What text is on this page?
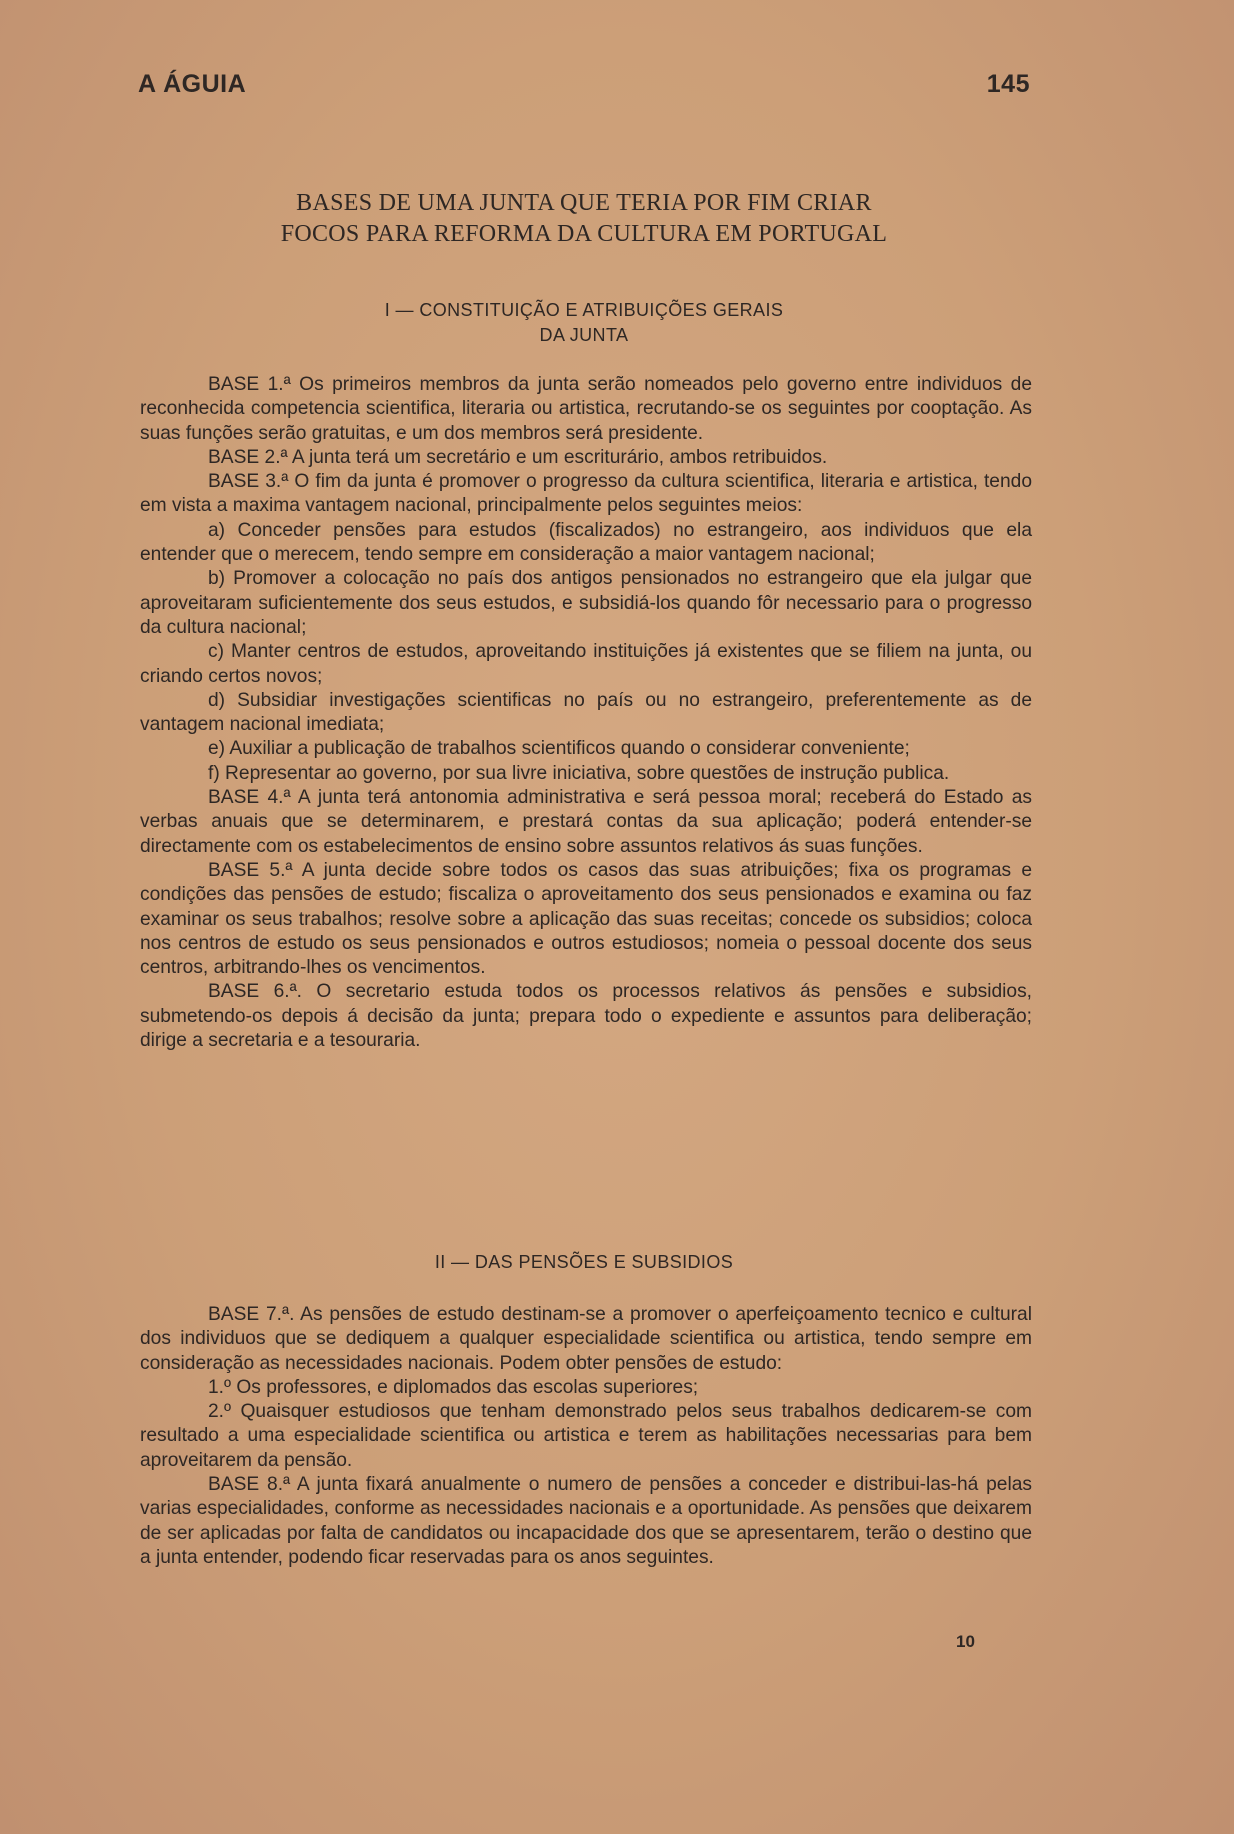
A ÁGUIA	145
BASES DE UMA JUNTA QUE TERIA POR FIM CRIAR
FOCOS PARA REFORMA DA CULTURA EM PORTUGAL
I — CONSTITUIÇÃO E ATRIBUIÇÕES GERAIS
DA JUNTA

BASE 1.ª Os primeiros membros da junta serão nomeados pelo governo entre individuos de reconhecida competencia scientifica, literaria ou artistica, recrutando-se os seguintes por cooptação. As suas funções serão gratuitas, e um dos membros será presidente.

BASE 2.ª A junta terá um secretário e um escriturário, ambos retribuidos.

BASE 3.ª O fim da junta é promover o progresso da cultura scientifica, literaria e artistica, tendo em vista a maxima vantagem nacional, principalmente pelos seguintes meios:

a) Conceder pensões para estudos (fiscalizados) no estrangeiro, aos individuos que ela entender que o merecem, tendo sempre em consideração a maior vantagem nacional;

b) Promover a colocação no país dos antigos pensionados no estrangeiro que ela julgar que aproveitaram suficientemente dos seus estudos, e subsidiá-los quando fôr necessario para o progresso da cultura nacional;

c) Manter centros de estudos, aproveitando instituições já existentes que se filiem na junta, ou criando certos novos;

d) Subsidiar investigações scientificas no país ou no estrangeiro, preferentemente as de vantagem nacional imediata;

e) Auxiliar a publicação de trabalhos scientificos quando o considerar conveniente;

f) Representar ao governo, por sua livre iniciativa, sobre questões de instrução publica.

BASE 4.ª A junta terá antonomia administrativa e será pessoa moral; receberá do Estado as verbas anuais que se determinarem, e prestará contas da sua aplicação; poderá entender-se directamente com os estabelecimentos de ensino sobre assuntos relativos ás suas funções.

BASE 5.ª A junta decide sobre todos os casos das suas atribuições; fixa os programas e condições das pensões de estudo; fiscaliza o aproveitamento dos seus pensionados e examina ou faz examinar os seus trabalhos; resolve sobre a aplicação das suas receitas; concede os subsidios; coloca nos centros de estudo os seus pensionados e outros estudiosos; nomeia o pessoal docente dos seus centros, arbitrando-lhes os vencimentos.

BASE 6.ª. O secretario estuda todos os processos relativos ás pensões e subsidios, submetendo-os depois á decisão da junta; prepara todo o expediente e assuntos para deliberação; dirige a secretaria e a tesouraria.

II — DAS PENSÕES E SUBSIDIOS

BASE 7.ª. As pensões de estudo destinam-se a promover o aperfeiçoamento tecnico e cultural dos individuos que se dediquem a qualquer especialidade scientifica ou artistica, tendo sempre em consideração as necessidades nacionais. Podem obter pensões de estudo:

1.º Os professores, e diplomados das escolas superiores;

2.º Quaisquer estudiosos que tenham demonstrado pelos seus trabalhos dedicarem-se com resultado a uma especialidade scientifica ou artistica e terem as habilitações necessarias para bem aproveitarem da pensão.

BASE 8.ª A junta fixará anualmente o numero de pensões a conceder e distribui-las-há pelas varias especialidades, conforme as necessidades nacionais e a oportunidade. As pensões que deixarem de ser aplicadas por falta de candidatos ou incapacidade dos que se apresentarem, terão o destino que a junta entender, podendo ficar reservadas para os anos seguintes.

10
